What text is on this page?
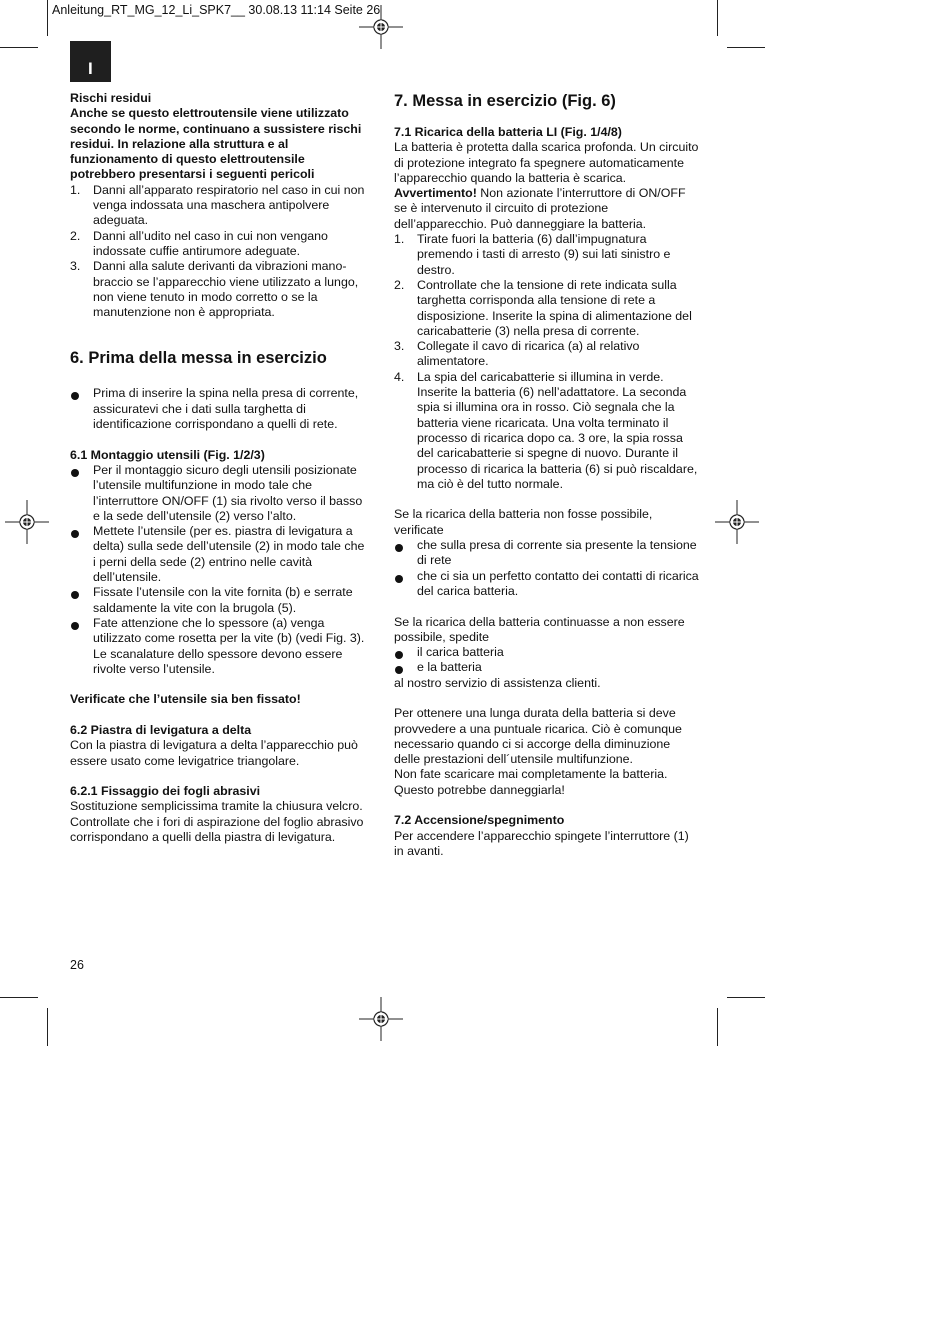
Anleitung_RT_MG_12_Li_SPK7__ 30.08.13 11:14 Seite 26
I

Rischi residui

Anche se questo elettroutensile viene utilizzato secondo le norme, continuano a sussistere rischi residui. In relazione alla struttura e al funzionamento di questo elettroutensile potrebbero presentarsi i seguenti pericoli

1.	Danni all’apparato respiratorio nel caso in cui non venga indossata una maschera antipolvere adeguata.
2.	Danni all’udito nel caso in cui non vengano indossate cuffie antirumore adeguate.
3.	Danni alla salute derivanti da vibrazioni mano-braccio se l’apparecchio viene utilizzato a lungo, non viene tenuto in modo corretto o se la manutenzione non è appropriata.
6. Prima della messa in esercizio
Prima di inserire la spina nella presa di corrente, assicuratevi che i dati sulla targhetta di identificazione corrispondano a quelli di rete.
6.1 Montaggio utensili (Fig. 1/2/3)
Per il montaggio sicuro degli utensili posizionate l’utensile multifunzione in modo tale che l’interruttore ON/OFF (1) sia rivolto verso il basso e la sede dell’utensile (2) verso l’alto.
Mettete l’utensile (per es. piastra di levigatura a delta) sulla sede dell’utensile (2) in modo tale che i perni della sede (2) entrino nelle cavità dell’utensile.
Fissate l’utensile con la vite fornita (b) e serrate saldamente la vite con la brugola (5).
Fate attenzione che lo spessore (a) venga utilizzato come rosetta per la vite (b) (vedi Fig. 3). Le scanalature dello spessore devono essere rivolte verso l’utensile.

Verificate che l’utensile sia ben fissato!

6.2 Piastra di levigatura a delta

Con la piastra di levigatura a delta l’apparecchio può essere usato come levigatrice triangolare.

6.2.1 Fissaggio dei fogli abrasivi

Sostituzione semplicissima tramite la chiusura velcro. Controllate che i fori di aspirazione del foglio abrasivo corrispondano a quelli della piastra di levigatura.

7. Messa in esercizio (Fig. 6)
7.1 Ricarica della batteria LI (Fig. 1/4/8)

La batteria è protetta dalla scarica profonda. Un circuito di protezione integrato fa spegnere automaticamente l’apparecchio quando la batteria è scarica.

Avvertimento! Non azionate l’interruttore di ON/OFF se è intervenuto il circuito di protezione dell’apparecchio. Può danneggiare la batteria.

1.	Tirate fuori la batteria (6) dall’impugnatura premendo i tasti di arresto (9) sui lati sinistro e destro.
2.	Controllate che la tensione di rete indicata sulla targhetta corrisponda alla tensione di rete a disposizione. Inserite la spina di alimentazione del caricabatterie (3) nella presa di corrente.
3.	Collegate il cavo di ricarica (a) al relativo alimentatore.
4.	La spia del caricabatterie si illumina in verde. Inserite la batteria (6) nell’adattatore. La seconda spia si illumina ora in rosso. Ciò segnala che la batteria viene ricaricata. Una volta terminato il processo di ricarica dopo ca. 3 ore, la spia rossa del caricabatterie si spegne di nuovo. Durante il processo di ricarica la batteria (6) si può riscaldare, ma ciò è del tutto normale.

Se la ricarica della batteria non fosse possibile, verificate

che sulla presa di corrente sia presente la tensione di rete
che ci sia un perfetto contatto dei contatti di ricarica del carica batteria.

Se la ricarica della batteria continuasse a non essere possibile, spedite

il carica batteria
e la batteria

al nostro servizio di assistenza clienti.

Per ottenere una lunga durata della batteria si deve provvedere a una puntuale ricarica. Ciò è comunque necessario quando ci si accorge della diminuzione delle prestazioni dell´utensile multifunzione.

Non fate scaricare mai completamente la batteria. Questo potrebbe danneggiarla!

7.2 Accensione/spegnimento

Per accendere l’apparecchio spingete l’interruttore (1) in avanti.

26
